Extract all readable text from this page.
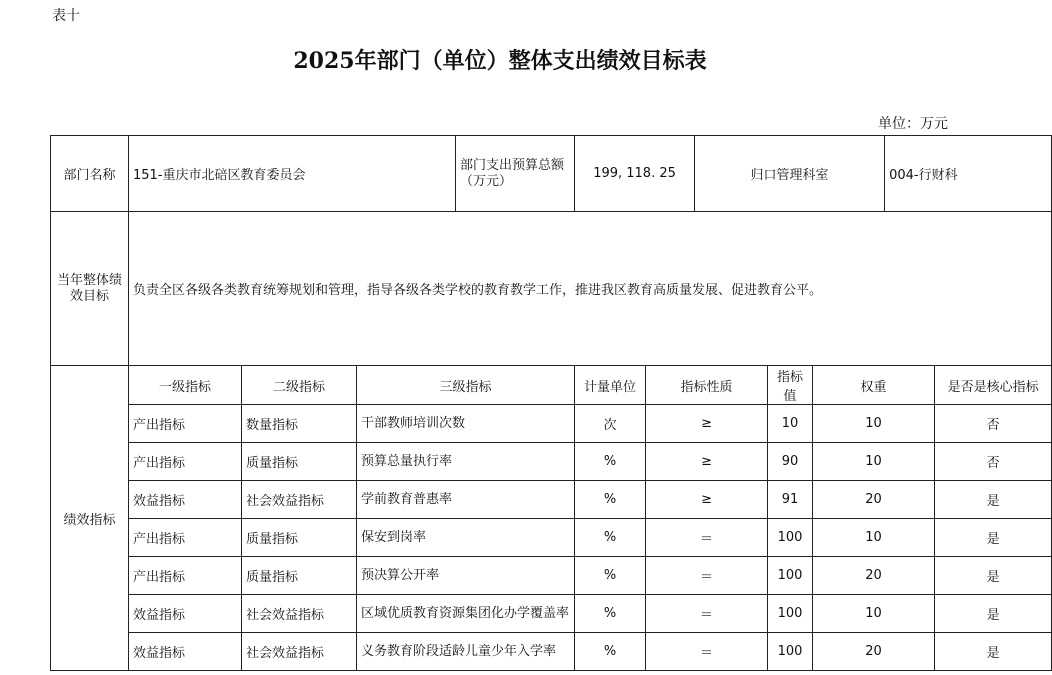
表十
2025年部门（单位）整体支出绩效目标表
单位：万元
部门名称	151-重庆市北碚区教育委员会			部门支出预算总额（万元）	199, 118. 25		归口管理科室			004-行财科	
当年整体绩效目标	负责全区各级各类教育统筹规划和管理，指导各级各类学校的教育教学工作，推进我区教育高质量发展、促进教育公平。										
绩效指标	一级指标	二级指标	三级指标		计量单位	指标性质		指标值	权重		是否是核心指标
	产出指标	数量指标	干部教师培训次数		次	≥		10	10		否
	产出指标	质量指标	预算总量执行率		%	≥		90	10		否
	效益指标	社会效益指标	学前教育普惠率		%	≥		91	20		是
	产出指标	质量指标	保安到岗率		%	＝		100	10		是
	产出指标	质量指标	预决算公开率		%	＝		100	20		是
	效益指标	社会效益指标	区域优质教育资源集团化办学覆盖率		%	＝		100	10		是
	效益指标	社会效益指标	义务教育阶段适龄儿童少年入学率		%	＝		100	20		是
